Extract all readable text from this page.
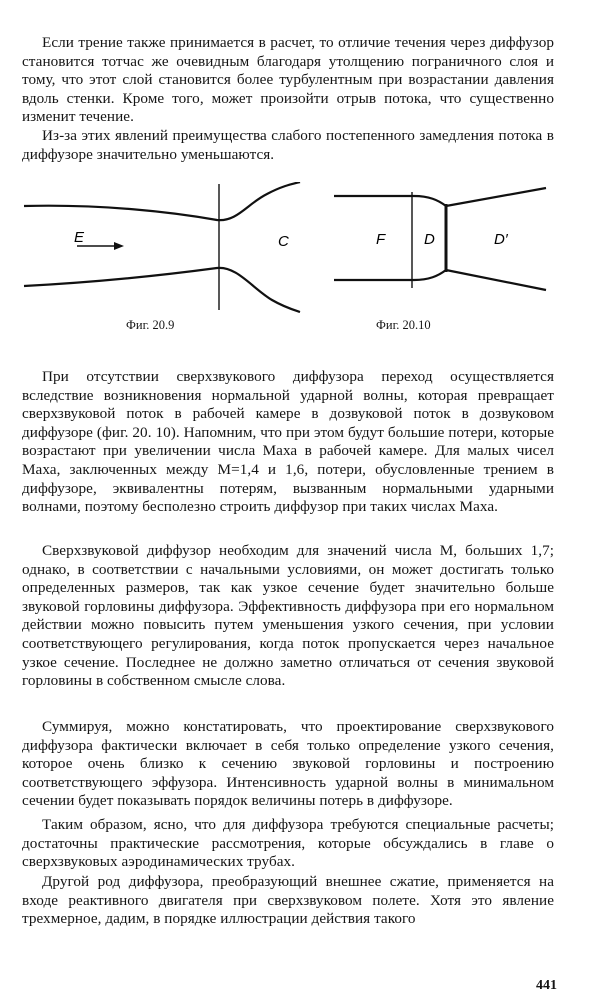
Если трение также принимается в расчет, то отличие течения через диффузор становится тотчас же очевидным благодаря утолщению пограничного слоя и тому, что этот слой становится более турбулентным при возрастании давления вдоль стенки. Кроме того, может произойти отрыв потока, что существенно изменит течение.

Из-за этих явлений преимущества слабого постепенного замедления потока в диффузоре значительно уменьшаются.

E	C
Фиг. 20.9
F	D	D′
Фиг. 20.10

При отсутствии сверхзвукового диффузора переход осуществляется вследствие возникновения нормальной ударной волны, которая превращает сверхзвуковой поток в рабочей камере в дозвуковой поток в дозвуковом диффузоре (фиг. 20. 10). Напомним, что при этом будут большие потери, которые возрастают при увеличении числа Маха в рабочей камере. Для малых чисел Маха, заключенных между M=1,4 и 1,6, потери, обусловленные трением в диффузоре, эквивалентны потерям, вызванным нормальными ударными волнами, поэтому бесполезно строить диффузор при таких числах Маха.

Сверхзвуковой диффузор необходим для значений числа M, больших 1,7; однако, в соответствии с начальными условиями, он может достигать только определенных размеров, так как узкое сечение будет значительно больше звуковой горловины диффузора. Эффективность диффузора при его нормальном действии можно повысить путем уменьшения узкого сечения, при условии соответствующего регулирования, когда поток пропускается через начальное узкое сечение. Последнее не должно заметно отличаться от сечения звуковой горловины в собственном смысле слова.

Суммируя, можно констатировать, что проектирование сверхзвукового диффузора фактически включает в себя только определение узкого сечения, которое очень близко к сечению звуковой горловины и построению соответствующего эффузора. Интенсивность ударной волны в минимальном сечении будет показывать порядок величины потерь в диффузоре.

Таким образом, ясно, что для диффузора требуются специальные расчеты; достаточны практические рассмотрения, которые обсуждались в главе о сверхзвуковых аэродинамических трубах.

Другой род диффузора, преобразующий внешнее сжатие, применяется на входе реактивного двигателя при сверхзвуковом полете. Хотя это явление трехмерное, дадим, в порядке иллюстрации действия такого

441
